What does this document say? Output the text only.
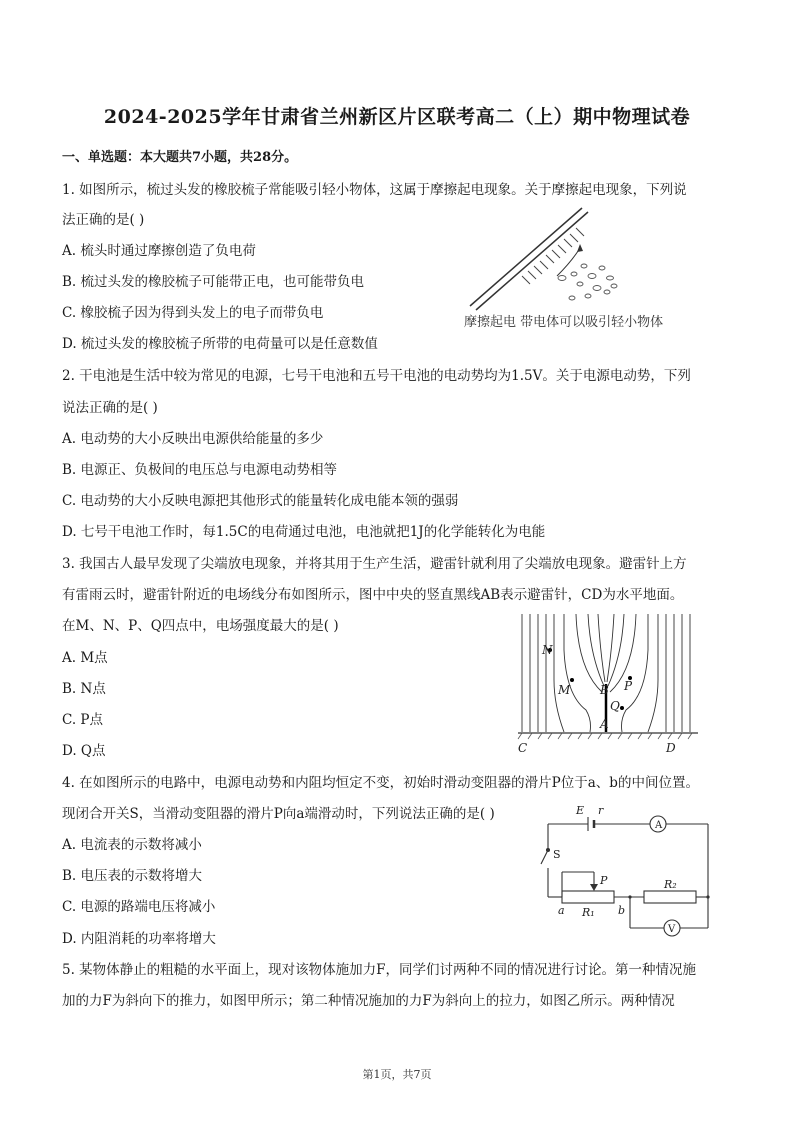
2024-2025学年甘肃省兰州新区片区联考高二（上）期中物理试卷
一、单选题：本大题共7小题，共28分。
1. 如图所示，梳过头发的橡胶梳子常能吸引轻小物体，这属于摩擦起电现象。关于摩擦起电现象，下列说
法正确的是( )
A. 梳头时通过摩擦创造了负电荷
B. 梳过头发的橡胶梳子可能带正电，也可能带负电
C. 橡胶梳子因为得到头发上的电子而带负电
D. 梳过头发的橡胶梳子所带的电荷量可以是任意数值
2. 干电池是生活中较为常见的电源，七号干电池和五号干电池的电动势均为1.5V。关于电源电动势，下列
说法正确的是( )
A. 电动势的大小反映出电源供给能量的多少
B. 电源正、负极间的电压总与电源电动势相等
C. 电动势的大小反映电源把其他形式的能量转化成电能本领的强弱
D. 七号干电池工作时，每1.5C的电荷通过电池，电池就把1J的化学能转化为电能
3. 我国古人最早发现了尖端放电现象，并将其用于生产生活，避雷针就利用了尖端放电现象。避雷针上方
有雷雨云时，避雷针附近的电场线分布如图所示，图中中央的竖直黑线AB表示避雷针，CD为水平地面。
在M、N、P、Q四点中，电场强度最大的是( )
A. M点
B. N点
C. P点
D. Q点
4. 在如图所示的电路中，电源电动势和内阻均恒定不变，初始时滑动变阻器的滑片P位于a、b的中间位置。
现闭合开关S，当滑动变阻器的滑片P向a端滑动时，下列说法正确的是( )
A. 电流表的示数将减小
B. 电压表的示数将增大
C. 电源的路端电压将减小
D. 内阻消耗的功率将增大
5. 某物体静止的粗糙的水平面上，现对该物体施加力F，同学们讨两种不同的情况进行讨论。第一种情况施
加的力F为斜向下的推力，如图甲所示；第二种情况施加的力F为斜向上的拉力，如图乙所示。两种情况
摩擦起电 带电体可以吸引轻小物体
N
M B P
Q
A
C	D
E r
A
S
P
a	b
R₁
R₂
V
第1页，共7页
